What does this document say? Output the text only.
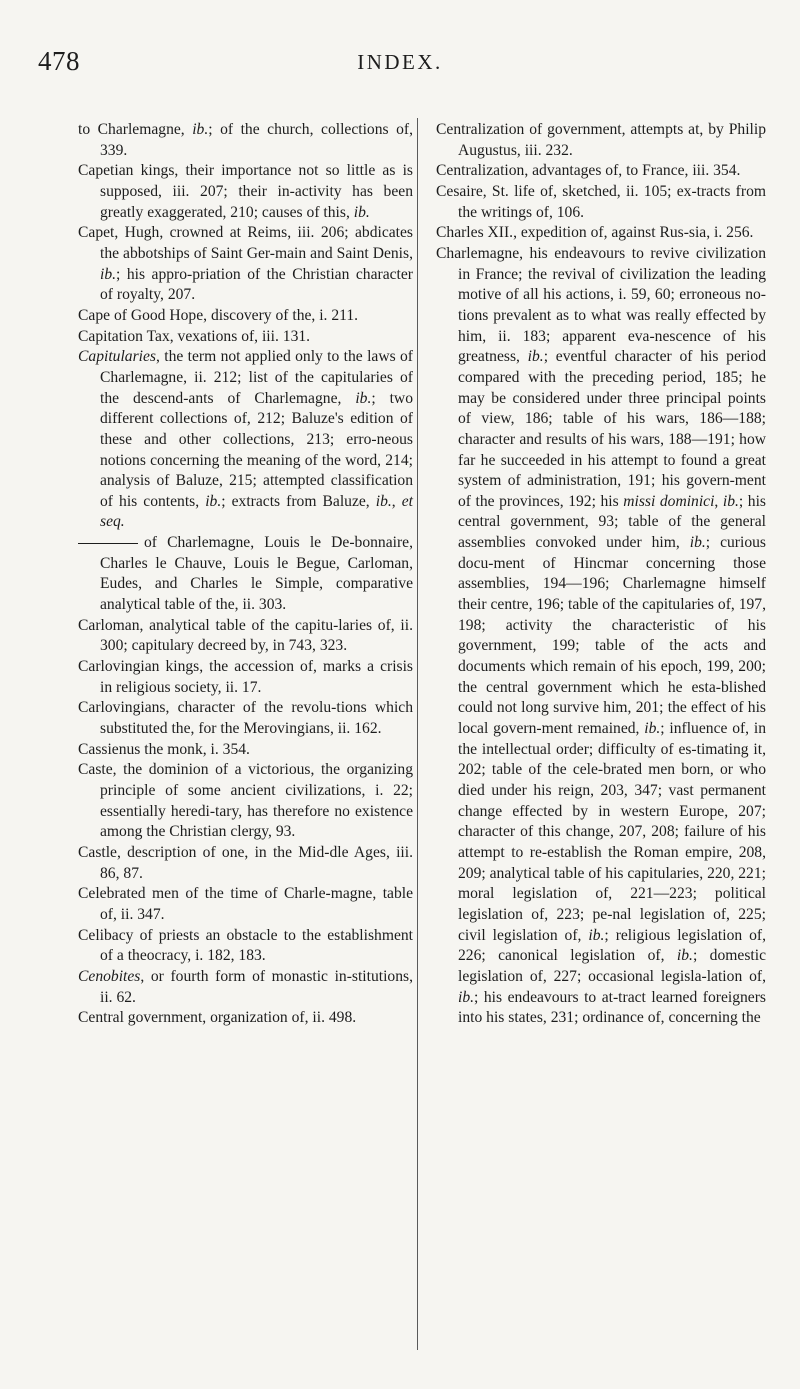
478	INDEX.

to Charlemagne, ib.; of the church, collections of, 339.

Capetian kings, their importance not so little as is supposed, iii. 207; their in-activity has been greatly exaggerated, 210; causes of this, ib.

Capet, Hugh, crowned at Reims, iii. 206; abdicates the abbotships of Saint Ger-main and Saint Denis, ib.; his appro-priation of the Christian character of royalty, 207.

Cape of Good Hope, discovery of the, i. 211.

Capitation Tax, vexations of, iii. 131.

Capitularies, the term not applied only to the laws of Charlemagne, ii. 212; list of the capitularies of the descend-ants of Charlemagne, ib.; two different collections of, 212; Baluze's edition of these and other collections, 213; erro-neous notions concerning the meaning of the word, 214; analysis of Baluze, 215; attempted classification of his contents, ib.; extracts from Baluze, ib., et seq.

of Charlemagne, Louis le De-bonnaire, Charles le Chauve, Louis le Begue, Carloman, Eudes, and Charles le Simple, comparative analytical table of the, ii. 303.

Carloman, analytical table of the capitu-laries of, ii. 300; capitulary decreed by, in 743, 323.

Carlovingian kings, the accession of, marks a crisis in religious society, ii. 17.

Carlovingians, character of the revolu-tions which substituted the, for the Merovingians, ii. 162.

Cassienus the monk, i. 354.

Caste, the dominion of a victorious, the organizing principle of some ancient civilizations, i. 22; essentially heredi-tary, has therefore no existence among the Christian clergy, 93.

Castle, description of one, in the Mid-dle Ages, iii. 86, 87.

Celebrated men of the time of Charle-magne, table of, ii. 347.

Celibacy of priests an obstacle to the establishment of a theocracy, i. 182, 183.

Cenobites, or fourth form of monastic in-stitutions, ii. 62.

Central government, organization of, ii. 498.

Centralization of government, attempts at, by Philip Augustus, iii. 232.

Centralization, advantages of, to France, iii. 354.

Cesaire, St. life of, sketched, ii. 105; ex-tracts from the writings of, 106.

Charles XII., expedition of, against Rus-sia, i. 256.

Charlemagne, his endeavours to revive civilization in France; the revival of civilization the leading motive of all his actions, i. 59, 60; erroneous no-tions prevalent as to what was really effected by him, ii. 183; apparent eva-nescence of his greatness, ib.; eventful character of his period compared with the preceding period, 185; he may be considered under three principal points of view, 186; table of his wars, 186—188; character and results of his wars, 188—191; how far he succeeded in his attempt to found a great system of administration, 191; his govern-ment of the provinces, 192; his missi dominici, ib.; his central government, 93; table of the general assemblies convoked under him, ib.; curious docu-ment of Hincmar concerning those assemblies, 194—196; Charlemagne himself their centre, 196; table of the capitularies of, 197, 198; activity the characteristic of his government, 199; table of the acts and documents which remain of his epoch, 199, 200; the central government which he esta-blished could not long survive him, 201; the effect of his local govern-ment remained, ib.; influence of, in the intellectual order; difficulty of es-timating it, 202; table of the cele-brated men born, or who died under his reign, 203, 347; vast permanent change effected by in western Europe, 207; character of this change, 207, 208; failure of his attempt to re-establish the Roman empire, 208, 209; analytical table of his capitularies, 220, 221; moral legislation of, 221—223; political legislation of, 223; pe-nal legislation of, 225; civil legislation of, ib.; religious legislation of, 226; canonical legislation of, ib.; domestic legislation of, 227; occasional legisla-lation of, ib.; his endeavours to at-tract learned foreigners into his states, 231; ordinance of, concerning the
